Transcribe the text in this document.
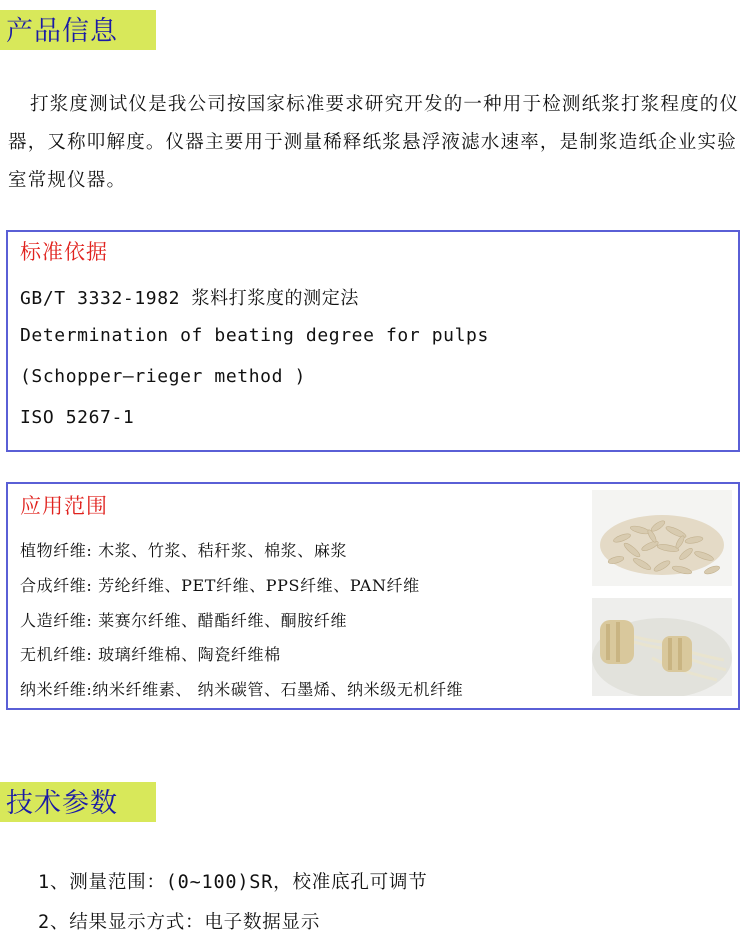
产品信息

打浆度测试仪是我公司按国家标准要求研究开发的一种用于检测纸浆打浆程度的仪器，又称叩解度。仪器主要用于测量稀释纸浆悬浮液滤水速率，是制浆造纸企业实验室常规仪器。

标准依据

GB/T 3332-1982 浆料打浆度的测定法

Determination of beating degree for pulps

(Schopper–rieger method )

ISO 5267-1

应用范围

植物纤维: 木浆、竹浆、秸秆浆、棉浆、麻浆

合成纤维: 芳纶纤维、PET纤维、PPS纤维、PAN纤维

人造纤维: 莱赛尔纤维、醋酯纤维、酮胺纤维

无机纤维: 玻璃纤维棉、陶瓷纤维棉

纳米纤维:纳米纤维素、 纳米碳管、石墨烯、纳米级无机纤维

技术参数

1、测量范围：(0~100)SR，校准底孔可调节

2、结果显示方式：电子数据显示
